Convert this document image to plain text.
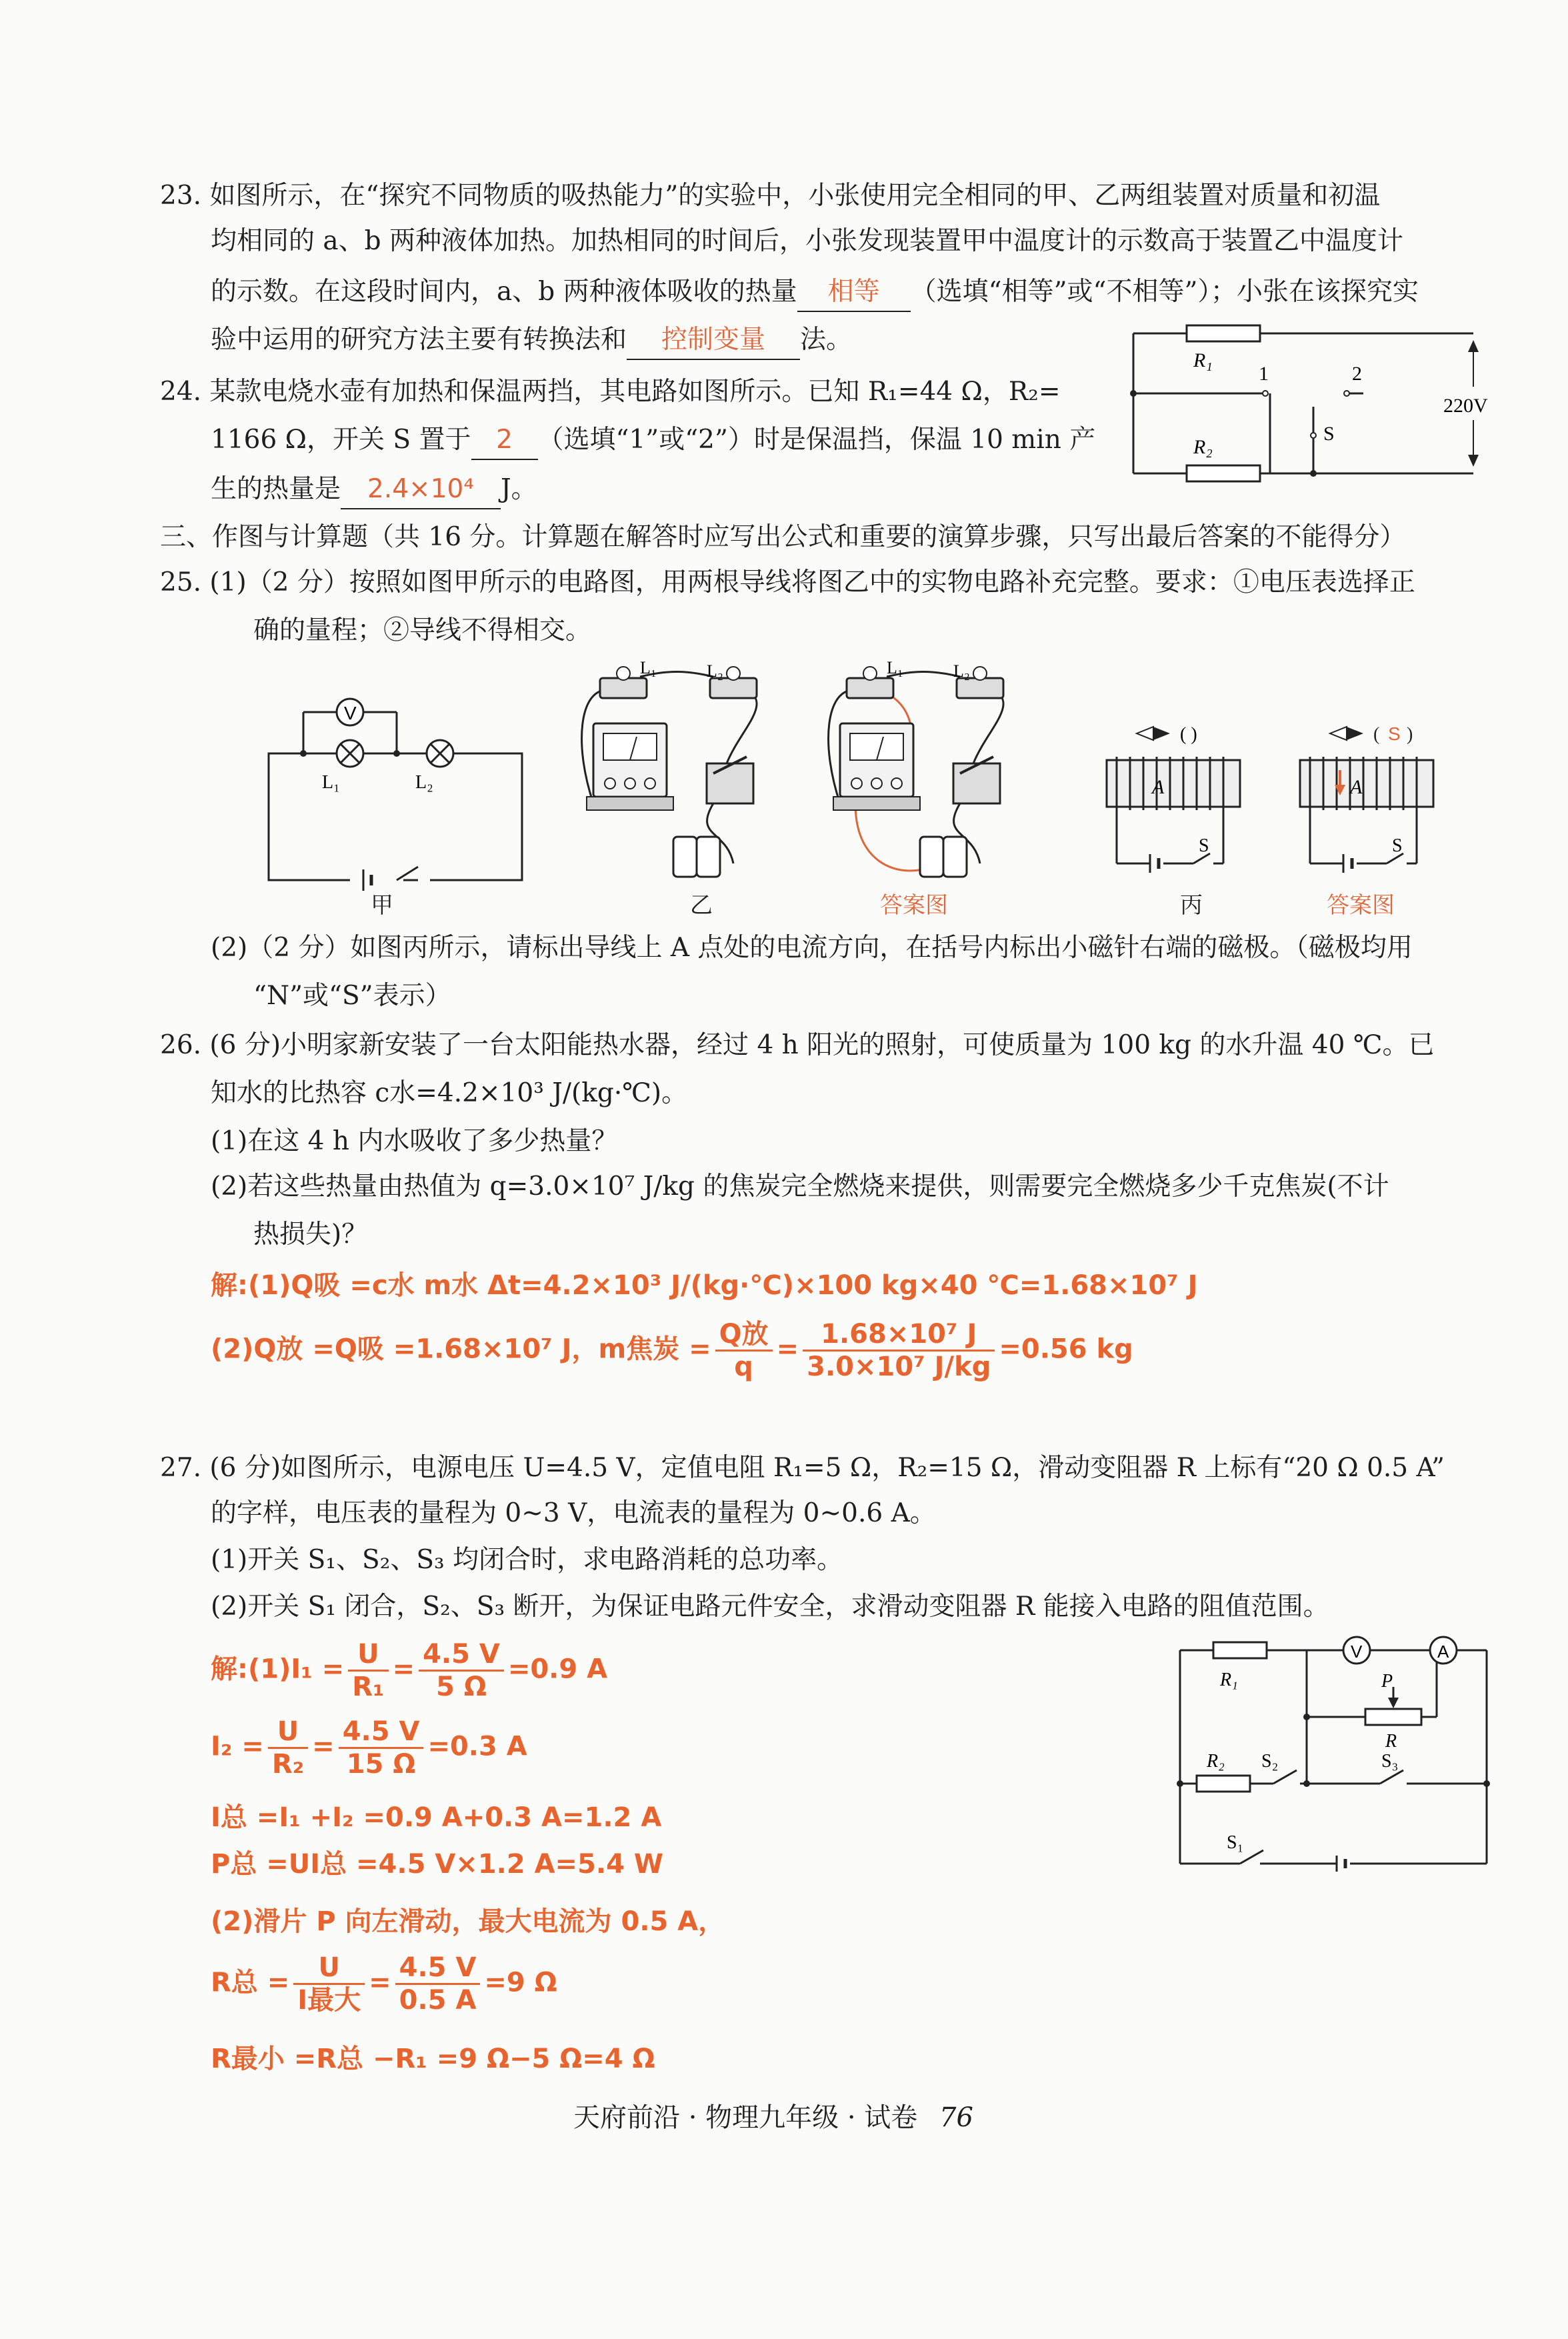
23. 如图所示，在“探究不同物质的吸热能力”的实验中，小张使用完全相同的甲、乙两组装置对质量和初温
均相同的 a、b 两种液体加热。加热相同的时间后，小张发现装置甲中温度计的示数高于装置乙中温度计
的示数。在这段时间内，a、b 两种液体吸收的热量 相等 （选填“相等”或“不相等”）；小张在该探究实
验中运用的研究方法主要有转换法和 控制变量 法。
24. 某款电烧水壶有加热和保温两挡，其电路如图所示。已知 R₁=44 Ω，R₂=
1166 Ω，开关 S 置于 2 （选填“1”或“2”）时是保温挡，保温 10 min 产
生的热量是 2.4×10⁴ J。
R₁
R₂
1	2
S
220V
三、作图与计算题（共 16 分。计算题在解答时应写出公式和重要的演算步骤，只写出最后答案的不能得分）
25. (1)（2 分）按照如图甲所示的电路图，用两根导线将图乙中的实物电路补充完整。要求：①电压表选择正
确的量程；②导线不得相交。
V
L₁	L₂
甲
L₁	L₂
乙
L₁	L₂
答案图
( )
A
S
丙
( S )
A
S
答案图
(2)（2 分）如图丙所示，请标出导线上 A 点处的电流方向，在括号内标出小磁针右端的磁极。（磁极均用
“N”或“S”表示）
26. (6 分)小明家新安装了一台太阳能热水器，经过 4 h 阳光的照射，可使质量为 100 kg 的水升温 40 ℃。已
知水的比热容 c水=4.2×10³ J/(kg·℃)。
(1)在这 4 h 内水吸收了多少热量？
(2)若这些热量由热值为 q=3.0×10⁷ J/kg 的焦炭完全燃烧来提供，则需要完全燃烧多少千克焦炭(不计
热损失)？
解:(1)Q吸 =c水 m水 Δt=4.2×10³ J/(kg·℃)×100 kg×40 ℃=1.68×10⁷ J
(2)Q放 =Q吸 =1.68×10⁷ J，m焦炭 = $\frac{\text{Q放}}{q} = \frac{\text{1.68×10⁷ J}}{\text{3.0×10⁷ J/kg}} =0.56$ kg
27. (6 分)如图所示，电源电压 U=4.5 V，定值电阻 R₁=5 Ω，R₂=15 Ω，滑动变阻器 R 上标有“20 Ω 0.5 A”
的字样，电压表的量程为 0~3 V，电流表的量程为 0~0.6 A。
(1)开关 S₁、S₂、S₃ 均闭合时，求电路消耗的总功率。
(2)开关 S₁ 闭合，S₂、S₃ 断开，为保证电路元件安全，求滑动变阻器 R 能接入电路的阻值范围。
解:(1)I₁ = $\frac{U}{\text{R₁}} = \frac{4.5 V}{5 \Omega} =0.9$ A
$I_2 = \frac{U}{\text{R₂}} = \frac{4.5 V}{15 \Omega} =0.3$ A
I总 =I₁ +I₂ =0.9 A+0.3 A=1.2 A
P总 =UI总 =4.5 V×1.2 A=5.4 W
(2)滑片 P 向左滑动，最大电流为 0.5 A，
R总 = $\frac{U}{\text{I最大}} = \frac{4.5 V}{0.5 A} =9$ Ω
R最小 =R总 −R₁ =9 Ω−5 Ω=4 Ω
V	A
R₁	P
R
R₂ S₂	S₃
S₁
天府前沿 · 物理九年级 · 试卷 76
